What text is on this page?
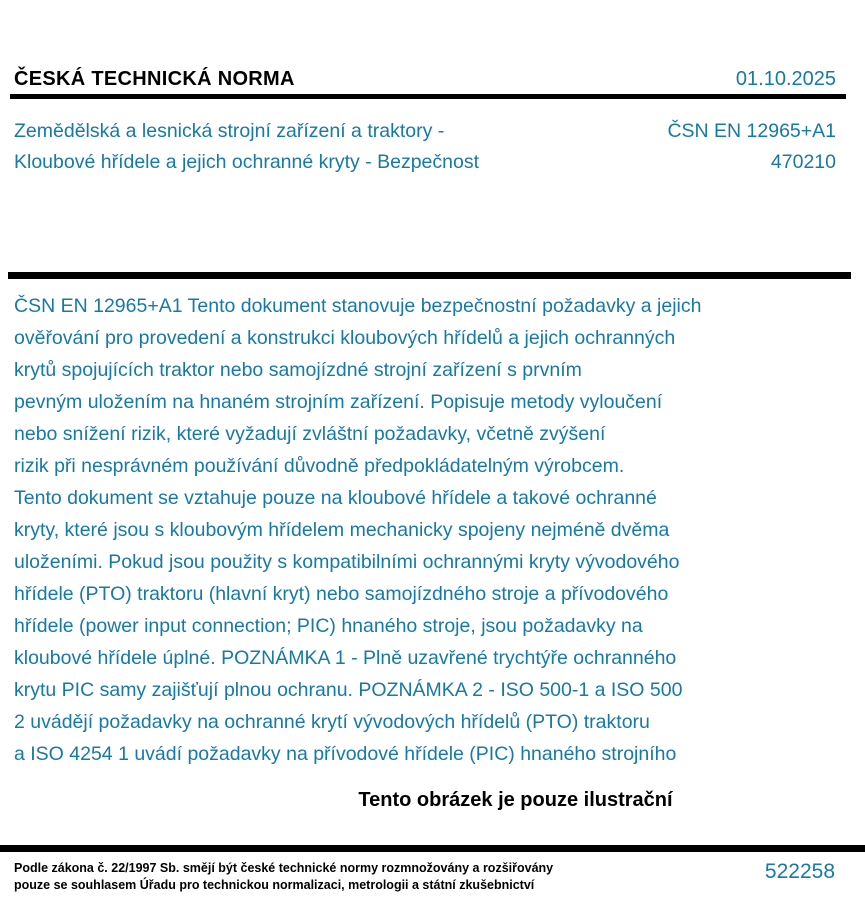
ČESKÁ TECHNICKÁ NORMA	01.10.2025
Zemědělská a lesnická strojní zařízení a traktory -
Kloubové hřídele a jejich ochranné kryty - Bezpečnost
ČSN EN 12965+A1
470210
ČSN EN 12965+A1 Tento dokument stanovuje bezpečnostní požadavky a jejich
ověřování pro provedení a konstrukci kloubových hřídelů a jejich ochranných
krytů spojujících traktor nebo samojízdné strojní zařízení s prvním
pevným uložením na hnaném strojním zařízení. Popisuje metody vyloučení
nebo snížení rizik, které vyžadují zvláštní požadavky, včetně zvýšení
rizik při nesprávném používání důvodně předpokládatelným výrobcem.
Tento dokument se vztahuje pouze na kloubové hřídele a takové ochranné
kryty, které jsou s kloubovým hřídelem mechanicky spojeny nejméně dvěma
uloženími. Pokud jsou použity s kompatibilními ochrannými kryty vývodového
hřídele (PTO) traktoru (hlavní kryt) nebo samojízdného stroje a přívodového
hřídele (power input connection; PIC) hnaného stroje, jsou požadavky na
kloubové hřídele úplné. POZNÁMKA 1 - Plně uzavřené trychtýře ochranného
krytu PIC samy zajišťují plnou ochranu. POZNÁMKA 2 - ISO 500-1 a ISO 500
2 uvádějí požadavky na ochranné krytí vývodových hřídelů (PTO) traktoru
a ISO 4254 1 uvádí požadavky na přívodové hřídele (PIC) hnaného strojního
Tento obrázek je pouze ilustrační
Podle zákona č. 22/1997 Sb. smějí být české technické normy rozmnožovány a rozšiřovány
pouze se souhlasem Úřadu pro technickou normalizaci, metrologii a státní zkušebnictví
522258
